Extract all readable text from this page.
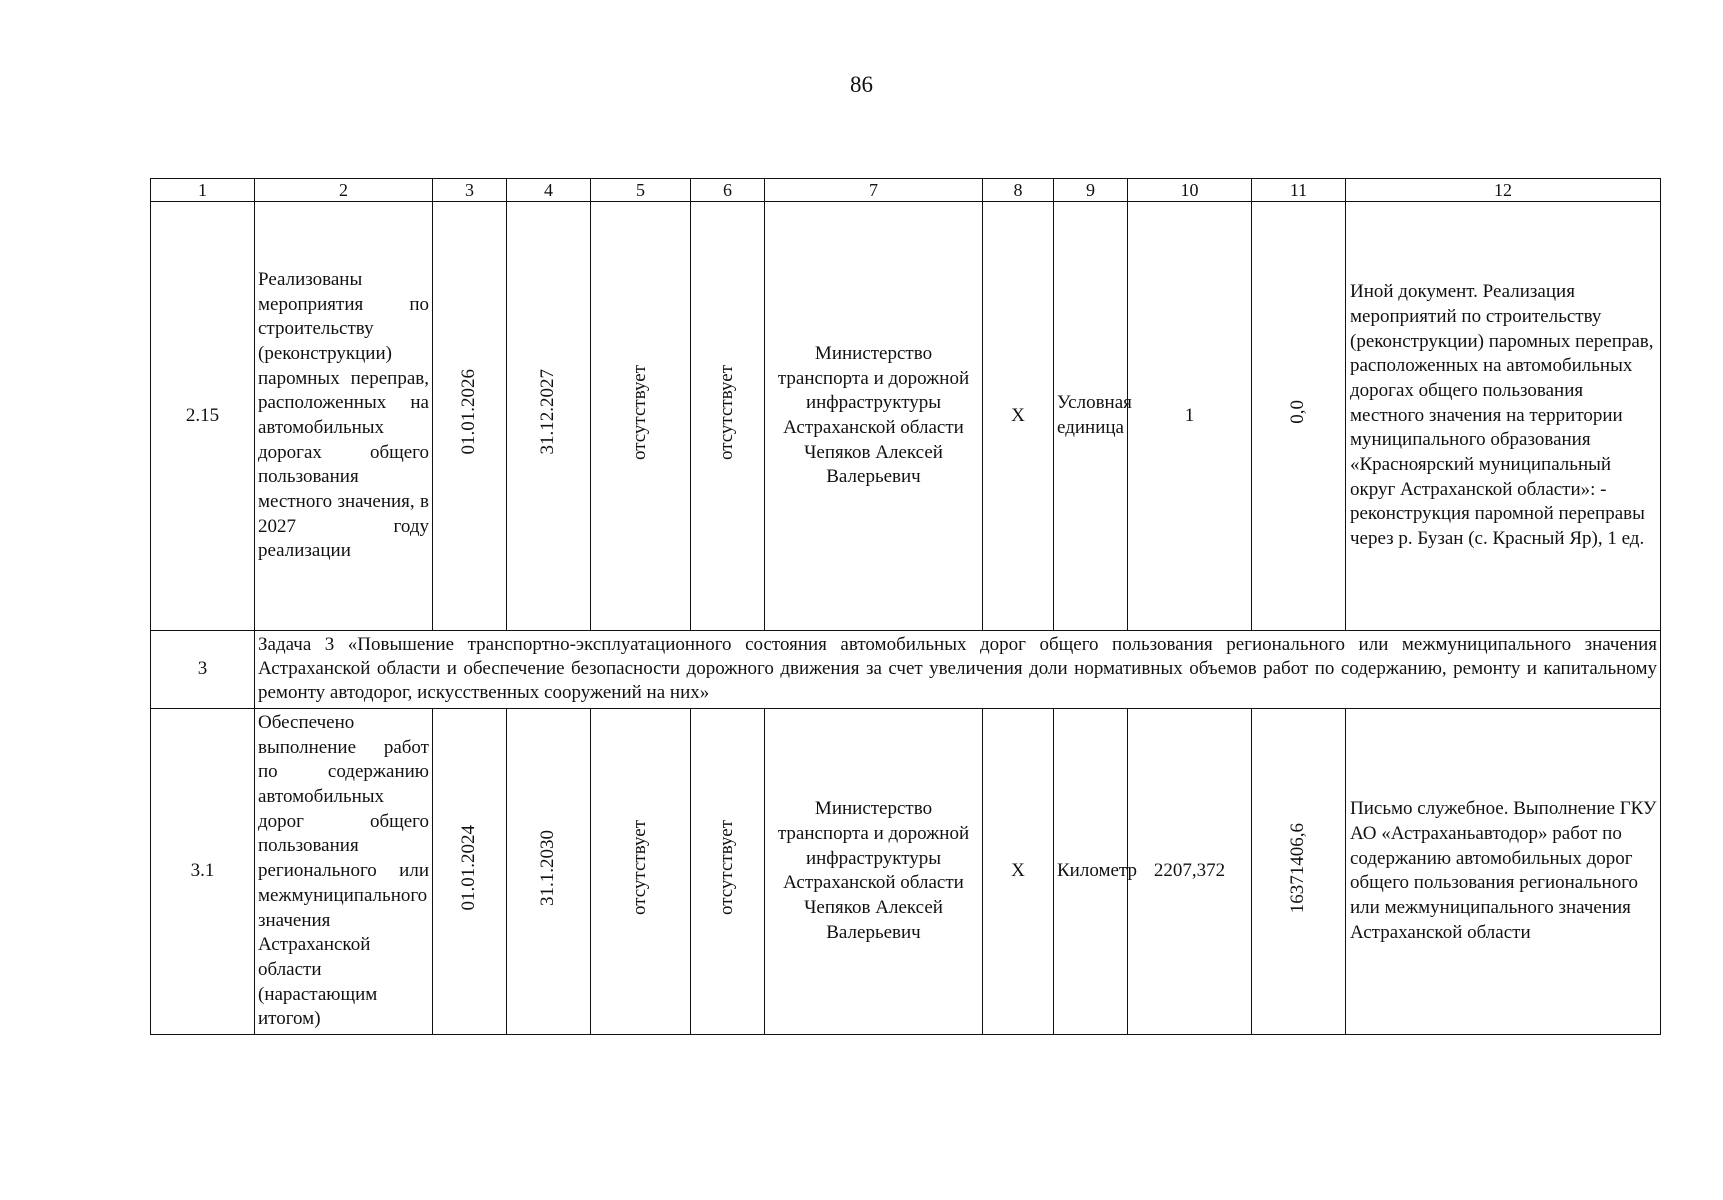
86
1	2	3	4	5	6	7	8	9	10	11	12
2.15	Реализованы мероприятия по строительству (реконструкции) паромных переправ, расположенных на автомобильных дорогах общего пользования местного значения, в 2027 году реализации	01.01.2026	31.12.2027	отсутствует	отсутствует	Министерство транспорта и дорожной инфраструктуры Астраханской области Чепяков Алексей Валерьевич	Х	Условная единица	1	0,0	Иной документ. Реализация мероприятий по строительству (реконструкции) паромных переправ, расположенных на автомобильных дорогах общего пользования местного значения на территории муниципального образования «Красноярский муниципальный округ Астраханской области»: - реконструкция паромной переправы через р. Бузан (с. Красный Яр), 1 ед.
3	Задача 3 «Повышение транспортно-эксплуатационного состояния автомобильных дорог общего пользования регионального или межмуниципального значения Астраханской области и обеспечение безопасности дорожного движения за счет увеличения доли нормативных объемов работ по содержанию, ремонту и капитальному ремонту автодорог, искусственных сооружений на них»										
3.1	Обеспечено выполнение работ по содержанию автомобильных дорог общего пользования регионального или межмуниципального значения Астраханской области (нарастающим итогом)	01.01.2024	31.1.2030	отсутствует	отсутствует	Министерство транспорта и дорожной инфраструктуры Астраханской области Чепяков Алексей Валерьевич	Х	Километр	2207,372	16371406,6	Письмо служебное. Выполнение ГКУ АО «Астраханьавтодор» работ по содержанию автомобильных дорог общего пользования регионального или межмуниципального значения Астраханской области
